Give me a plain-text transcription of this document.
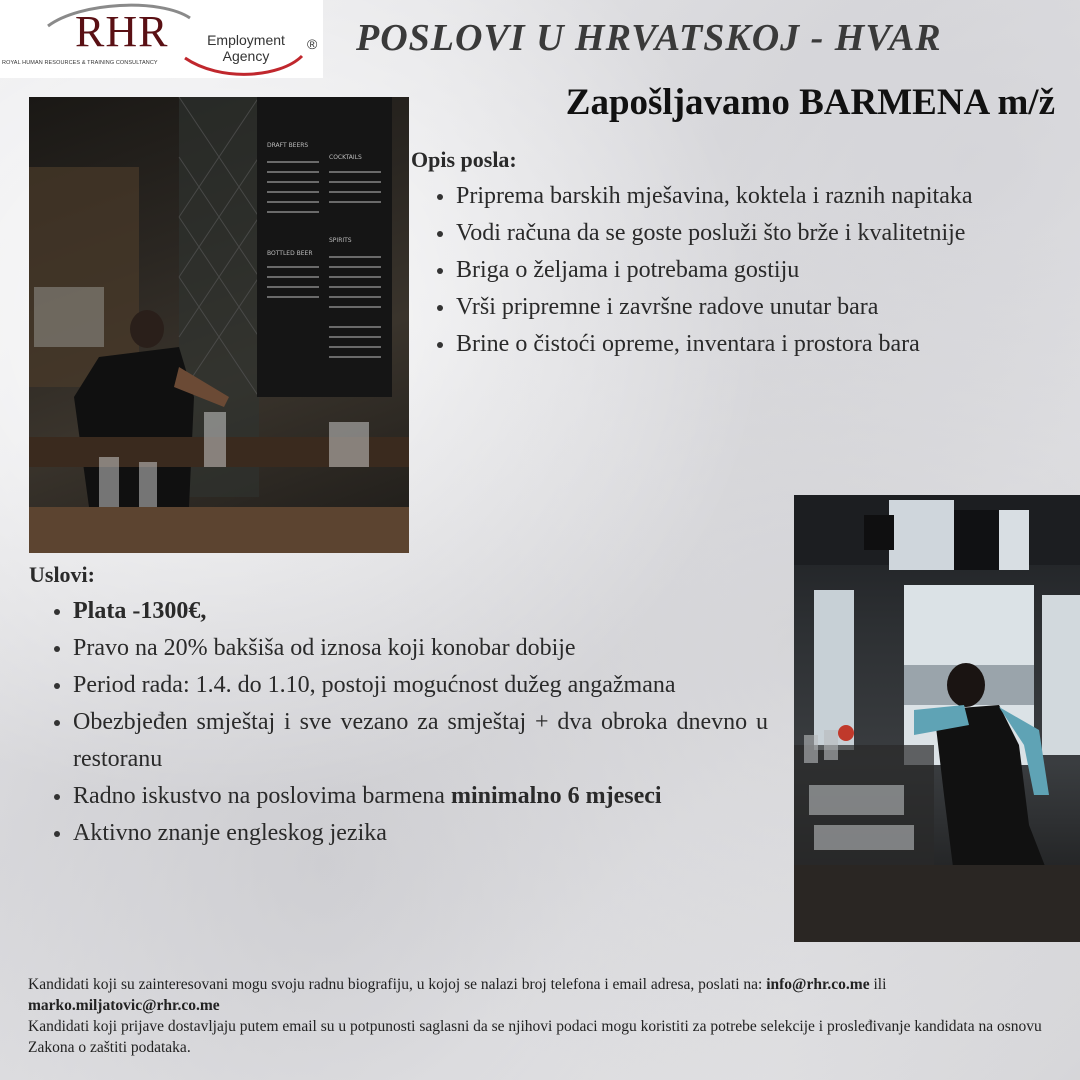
RHR	Employment
Agency
®
ROYAL HUMAN RESOURCES & TRAINING CONSULTANCY
POSLOVI U HRVATSKOJ - HVAR
Zapošljavamo BARMENA m/ž
DRAFT BEERS
COCKTAILS
BOTTLED BEER
SPIRITS
Opis posla:
Priprema barskih mješavina, koktela i raznih napitaka
Vodi računa da se goste posluži što brže i kvalitetnije
Briga o željama i potrebama gostiju
Vrši pripremne i završne radove unutar bara
Brine o čistoći opreme, inventara i prostora bara
Uslovi:
Plata -1300€,
Pravo na 20% bakšiša od iznosa koji konobar dobije
Period rada: 1.4. do 1.10, postoji mogućnost dužeg angažmana
Obezbjeđen smještaj i sve vezano za smještaj + dva obroka dnevno u restoranu
Radno iskustvo na poslovima barmena minimalno 6 mjeseci
Aktivno znanje engleskog jezika

Kandidati koji su zainteresovani mogu svoju radnu biografiju, u kojoj se nalazi broj telefona i email adresa, poslati na: info@rhr.co.me ili marko.miljatovic@rhr.co.me

Kandidati koji prijave dostavljaju putem email su u potpunosti saglasni da se njihovi podaci mogu koristiti za potrebe selekcije i prosleđivanje kandidata na osnovu Zakona o zaštiti podataka.
